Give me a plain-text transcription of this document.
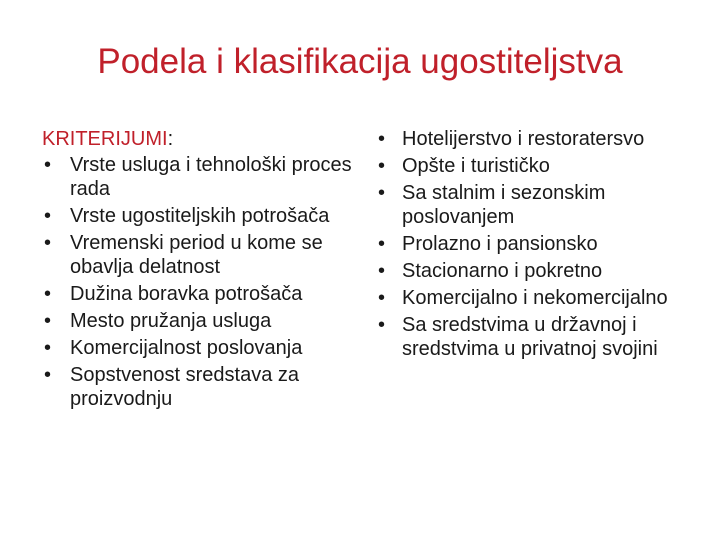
Podela i klasifikacija ugostiteljstva
KRITERIJUMI:
• Vrste usluga i tehnološki proces rada
• Vrste ugostiteljskih potrošača
• Vremenski period u kome se obavlja delatnost
• Dužina boravka potrošača
• Mesto pružanja usluga
• Komercijalnost poslovanja
• Sopstvenost sredstava za proizvodnju
• Hotelijerstvo i restoratersvo
• Opšte i turističko
• Sa stalnim i sezonskim poslovanjem
• Prolazno i pansionsko
• Stacionarno i pokretno
• Komercijalno i nekomercijalno
• Sa sredstvima u državnoj i sredstvima u privatnoj svojini
